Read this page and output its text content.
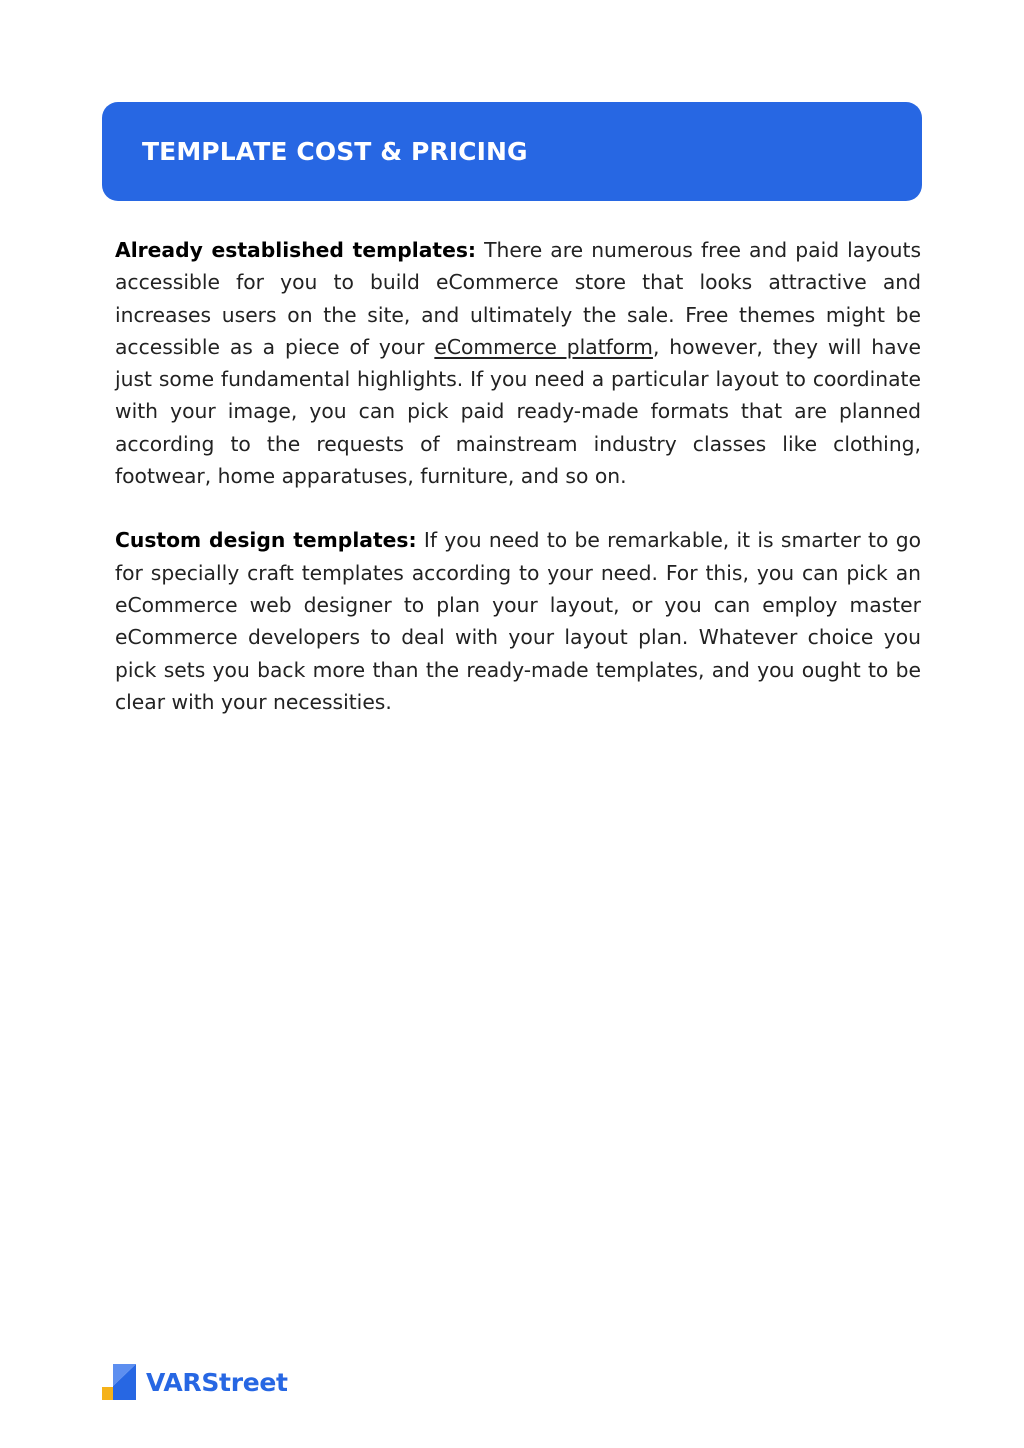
TEMPLATE COST & PRICING

Already established templates: There are numerous free and paid layouts accessible for you to build eCommerce store that looks attractive and increases users on the site, and ultimately the sale. Free themes might be accessible as a piece of your eCommerce platform, however, they will have just some fundamental highlights. If you need a particular layout to coordinate with your image, you can pick paid ready-made formats that are planned according to the requests of mainstream industry classes like clothing, footwear, home apparatuses, furniture, and so on.

Custom design templates: If you need to be remarkable, it is smarter to go for specially craft templates according to your need. For this, you can pick an eCommerce web designer to plan your layout, or you can employ master eCommerce developers to deal with your layout plan. Whatever choice you pick sets you back more than the ready-made templates, and you ought to be clear with your necessities.

VARStreet
